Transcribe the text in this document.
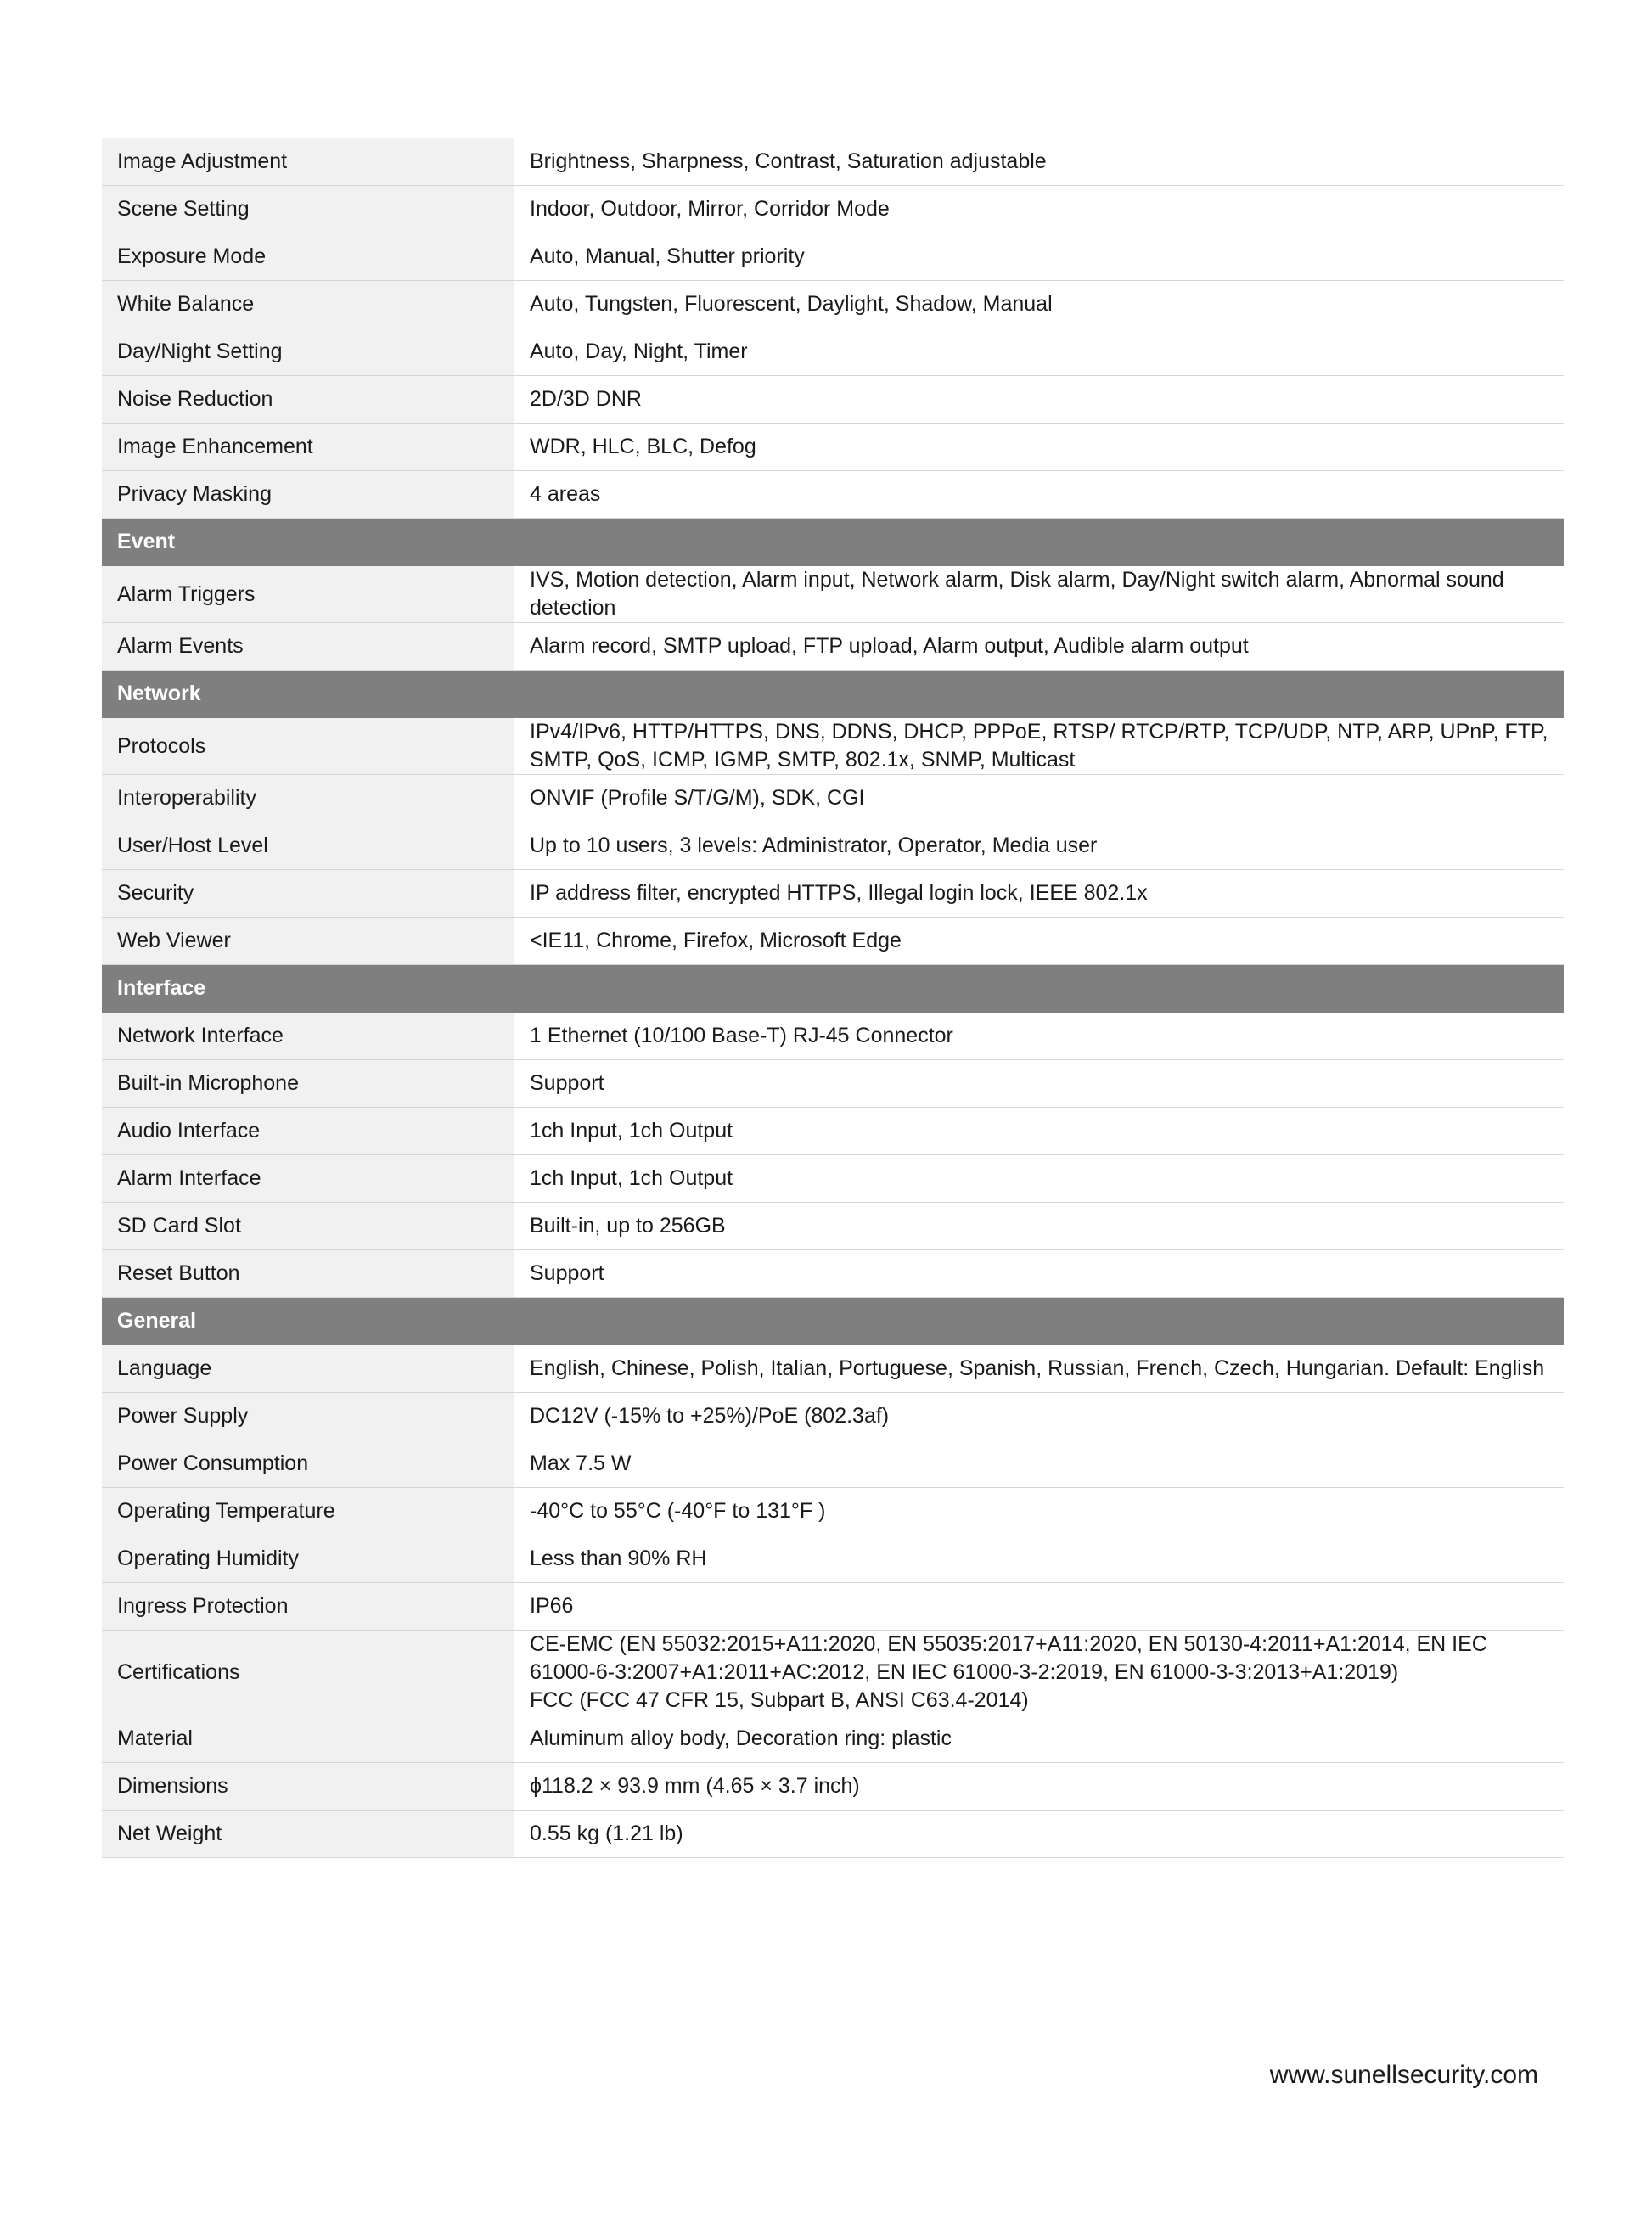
Image Adjustment	Brightness, Sharpness, Contrast, Saturation adjustable
Scene Setting	Indoor, Outdoor, Mirror, Corridor Mode
Exposure Mode	Auto, Manual, Shutter priority
White Balance	Auto, Tungsten, Fluorescent, Daylight, Shadow, Manual
Day/Night Setting	Auto, Day, Night, Timer
Noise Reduction	2D/3D DNR
Image Enhancement	WDR, HLC, BLC, Defog
Privacy Masking	4 areas
Event	
Alarm Triggers	IVS, Motion detection, Alarm input, Network alarm, Disk alarm, Day/Night switch alarm, Abnormal sound detection
Alarm Events	Alarm record, SMTP upload, FTP upload, Alarm output, Audible alarm output
Network	
Protocols	IPv4/IPv6, HTTP/HTTPS, DNS, DDNS, DHCP, PPPoE, RTSP/ RTCP/RTP, TCP/UDP, NTP, ARP, UPnP, FTP, SMTP, QoS, ICMP, IGMP, SMTP, 802.1x, SNMP, Multicast
Interoperability	ONVIF (Profile S/T/G/M), SDK, CGI
User/Host Level	Up to 10 users, 3 levels: Administrator, Operator, Media user
Security	IP address filter, encrypted HTTPS, Illegal login lock, IEEE 802.1x
Web Viewer	<IE11, Chrome, Firefox, Microsoft Edge
Interface	
Network Interface	1 Ethernet (10/100 Base-T) RJ-45 Connector
Built-in Microphone	Support
Audio Interface	1ch Input, 1ch Output
Alarm Interface	1ch Input, 1ch Output
SD Card Slot	Built-in, up to 256GB
Reset Button	Support
General	
Language	English, Chinese, Polish, Italian, Portuguese, Spanish, Russian, French, Czech, Hungarian. Default: English
Power Supply	DC12V (-15% to +25%)/PoE (802.3af)
Power Consumption	Max 7.5 W
Operating Temperature	-40°C to 55°C (-40°F to 131°F )
Operating Humidity	Less than 90% RH
Ingress Protection	IP66
Certifications	CE-EMC (EN 55032:2015+A11:2020, EN 55035:2017+A11:2020, EN 50130-4:2011+A1:2014, EN IEC 61000-6-3:2007+A1:2011+AC:2012, EN IEC 61000-3-2:2019, EN 61000-3-3:2013+A1:2019)
FCC (FCC 47 CFR 15, Subpart B, ANSI C63.4-2014)
Material	Aluminum alloy body, Decoration ring: plastic
Dimensions	ϕ118.2 × 93.9 mm (4.65 × 3.7 inch)
Net Weight	0.55 kg (1.21 lb)
www.sunellsecurity.com
